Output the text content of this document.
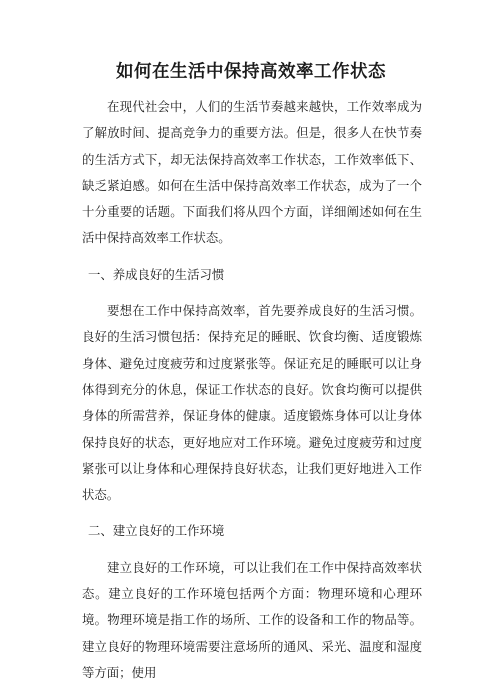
如何在生活中保持高效率工作状态

在现代社会中，人们的生活节奏越来越快，工作效率成为了解放时间、提高竞争力的重要方法。但是，很多人在快节奏的生活方式下，却无法保持高效率工作状态，工作效率低下、缺乏紧迫感。如何在生活中保持高效率工作状态，成为了一个十分重要的话题。下面我们将从四个方面，详细阐述如何在生活中保持高效率工作状态。

一、养成良好的生活习惯

要想在工作中保持高效率，首先要养成良好的生活习惯。良好的生活习惯包括：保持充足的睡眠、饮食均衡、适度锻炼身体、避免过度疲劳和过度紧张等。保证充足的睡眠可以让身体得到充分的休息，保证工作状态的良好。饮食均衡可以提供身体的所需营养，保证身体的健康。适度锻炼身体可以让身体保持良好的状态，更好地应对工作环境。避免过度疲劳和过度紧张可以让身体和心理保持良好状态，让我们更好地进入工作状态。

二、建立良好的工作环境

建立良好的工作环境，可以让我们在工作中保持高效率状态。建立良好的工作环境包括两个方面：物理环境和心理环境。物理环境是指工作的场所、工作的设备和工作的物品等。建立良好的物理环境需要注意场所的通风、采光、温度和湿度等方面；使用
